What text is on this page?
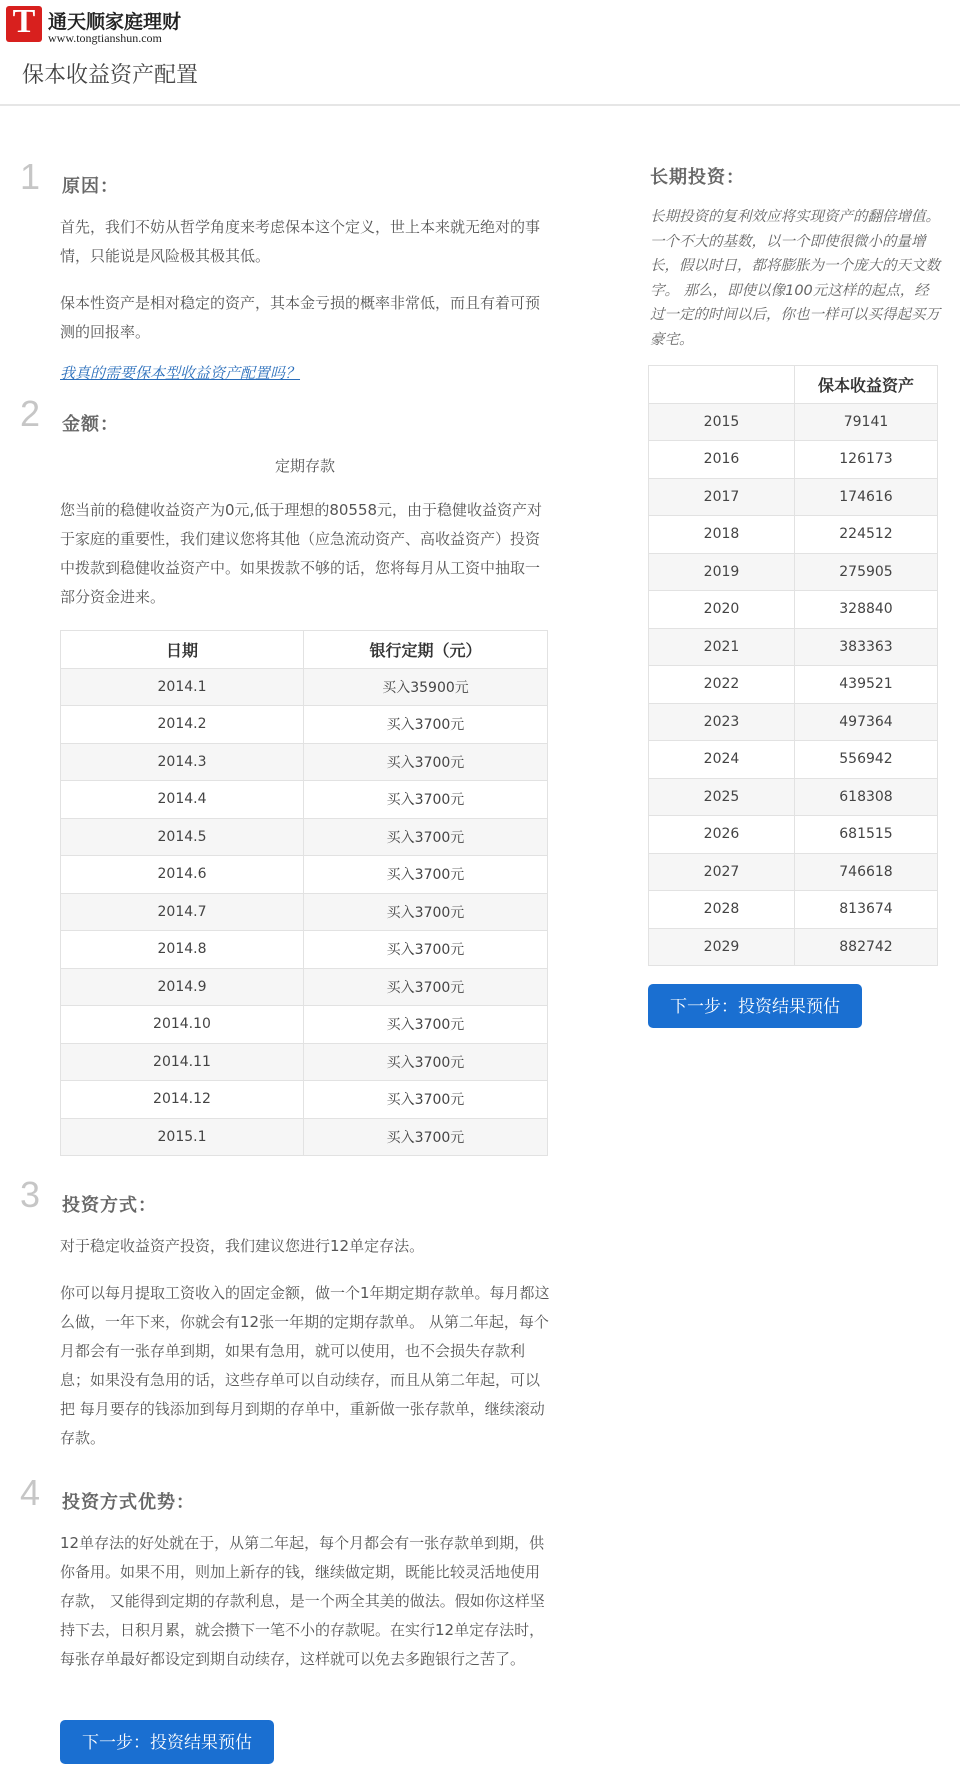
T 通天顺家庭理财
www.tongtianshun.com
保本收益资产配置
1 原因：
首先，我们不妨从哲学角度来考虑保本这个定义，世上本来就无绝对的事情，只能说是风险极其极其低。
保本性资产是相对稳定的资产，其本金亏损的概率非常低，而且有着可预测的回报率。
我真的需要保本型收益资产配置吗？
2 金额：
定期存款
您当前的稳健收益资产为0元,低于理想的80558元，由于稳健收益资产对于家庭的重要性，我们建议您将其他（应急流动资产、高收益资产）投资中拨款到稳健收益资产中。如果拨款不够的话，您将每月从工资中抽取一部分资金进来。
日期	银行定期（元）
2014.1	买入35900元
2014.2	买入3700元
2014.3	买入3700元
2014.4	买入3700元
2014.5	买入3700元
2014.6	买入3700元
2014.7	买入3700元
2014.8	买入3700元
2014.9	买入3700元
2014.10	买入3700元
2014.11	买入3700元
2014.12	买入3700元
2015.1	买入3700元
3 投资方式：
对于稳定收益资产投资，我们建议您进行12单定存法。
你可以每月提取工资收入的固定金额，做一个1年期定期存款单。每月都这么做，一年下来，你就会有12张一年期的定期存款单。 从第二年起，每个月都会有一张存单到期，如果有急用，就可以使用，也不会损失存款利息；如果没有急用的话，这些存单可以自动续存，而且从第二年起，可以把 每月要存的钱添加到每月到期的存单中，重新做一张存款单，继续滚动存款。
4 投资方式优势：
12单存法的好处就在于，从第二年起，每个月都会有一张存款单到期，供你备用。如果不用，则加上新存的钱，继续做定期，既能比较灵活地使用存款， 又能得到定期的存款利息，是一个两全其美的做法。假如你这样坚持下去，日积月累，就会攒下一笔不小的存款呢。在实行12单定存法时，每张存单最好都设定到期自动续存，这样就可以免去多跑银行之苦了。
下一步：投资结果预估
长期投资：
长期投资的复利效应将实现资产的翻倍增值。一个不大的基数，以一个即使很微小的量增长，假以时日，都将膨胀为一个庞大的天文数字。 那么，即使以像100元这样的起点，经过一定的时间以后，你也一样可以买得起买万豪宅。
	保本收益资产
2015	79141
2016	126173
2017	174616
2018	224512
2019	275905
2020	328840
2021	383363
2022	439521
2023	497364
2024	556942
2025	618308
2026	681515
2027	746618
2028	813674
2029	882742
下一步：投资结果预估
